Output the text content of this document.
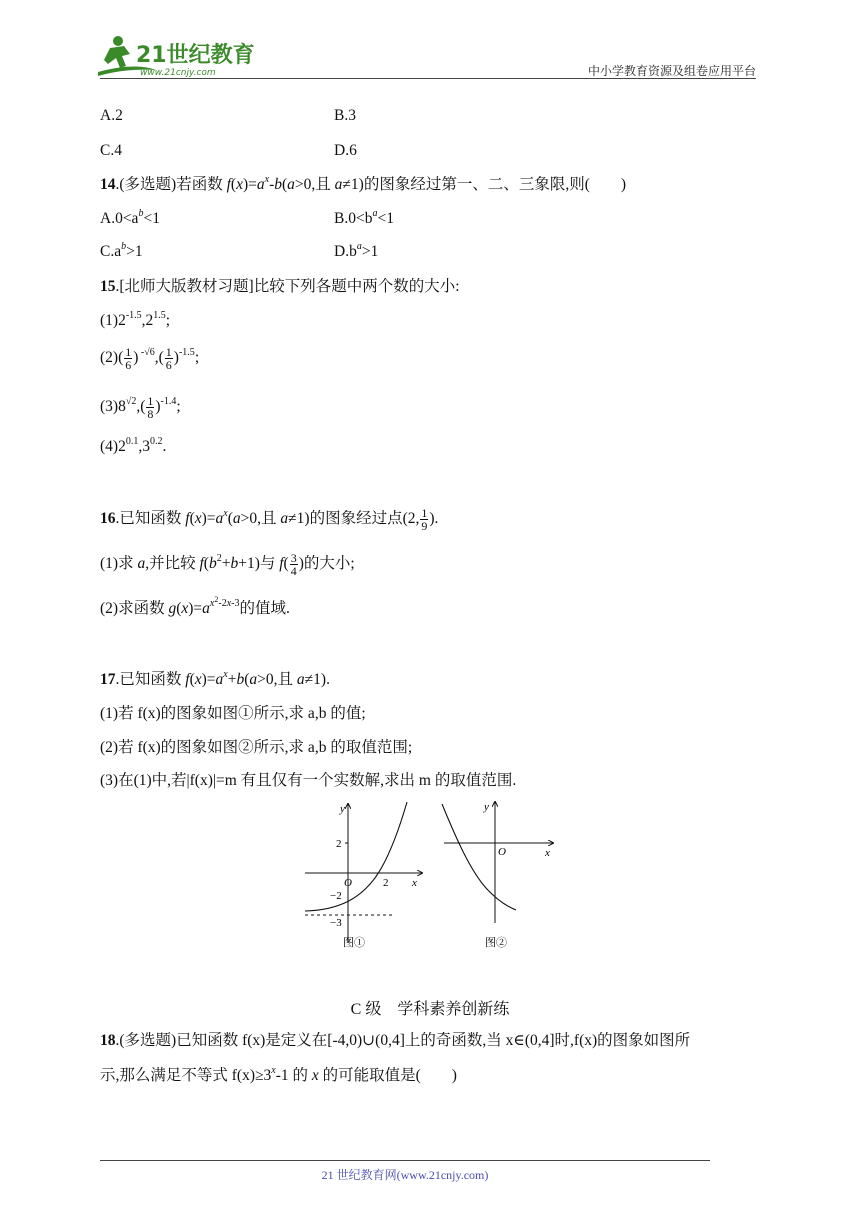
21世纪教育
www.21cnjy.com	中小学教育资源及组卷应用平台
A.2	B.3
C.4	D.6
14.(多选题)若函数 $f(x)=a^x-b(a>0$,且 a≠1)的图象经过第一、二、三象限,则(　　)
$A.0<a^b<1$	$B.0<b^a<1$
$C.a^b>1$	$D.b^a>1$
15.[北师大版教材习题]比较下列各题中两个数的大小:
$(1)2^{-1.5},2^{1.5}$;
$(2)( \frac{1}{6}$ ) $^{-√6},( \frac{1}{6} )^{-1.5}$;
$(3)8^{√2},( \frac{1}{8} )^{-1.4}$;
$(4)2^{0.1},3^{0.2}$.
16.已知函数 $f(x)=a^x(a>0$,且 a≠1)的图象经过点(2, $\frac{1}{9}$ ).
(1)求 a,并比较 $f(b^2+b+1)$与 $f( \frac{3}{4}$ )的大小;
(2)求函数 $g(x)=a^{x^2-2x-3}$的值域.
17.已知函数 $f(x)=a^x+b(a>0$,且 a≠1).
(1)若 f(x)的图象如图①所示,求 a,b 的值;
(2)若 f(x)的图象如图②所示,求 a,b 的取值范围;
(3)在(1)中,若|f(x)|=m 有且仅有一个实数解,求出 m 的取值范围.
y
x
O
2
2
−2
−3
图①
y
x
O
图②
C 级　学科素养创新练
18.(多选题)已知函数 f(x)是定义在[-4,0)∪(0,4]上的奇函数,当 x∈(0,4]时,f(x)的图象如图所
示,那么满足不等式 $f(x)\ge 3^x-1$ 的 x 的可能取值是(　　)
21 世纪教育网(www.21cnjy.com)
